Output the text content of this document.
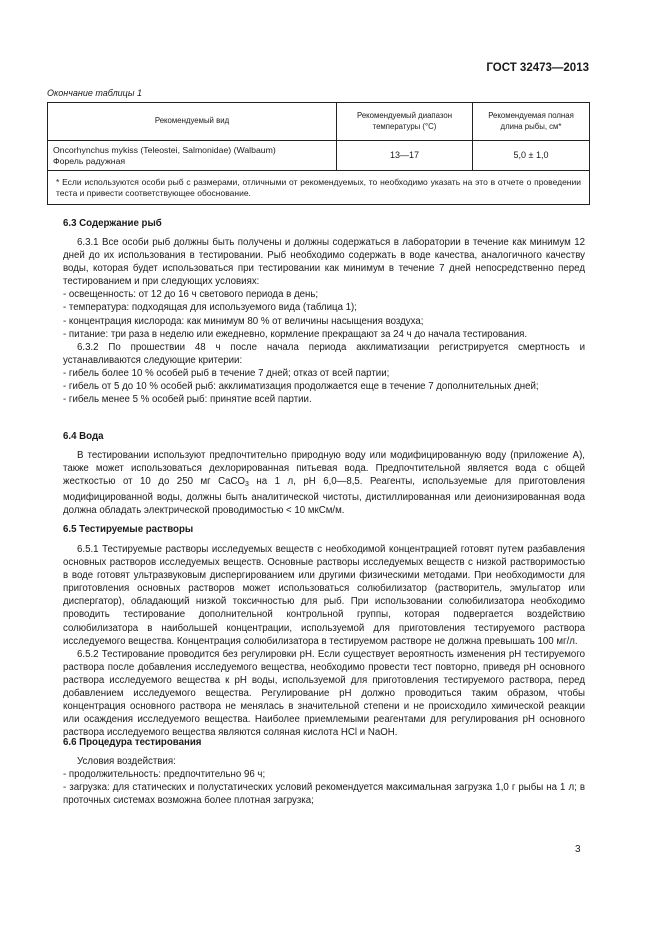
ГОСТ 32473—2013
Окончание таблицы 1
Рекомендуемый вид	Рекомендуемый диапазон температуры (°С)	Рекомендуемая полная длина рыбы, см*

Oncorhynchus mykiss (Teleostei, Salmonidae) (Walbaum)
Форель радужная	13—17	5,0 ± 1,0
* Если используются особи рыб с размерами, отличными от рекомендуемых, то необходимо указать на это в отчете о проведении теста и привести соответствующее обоснование.		
6.3 Содержание рыб

6.3.1 Все особи рыб должны быть получены и должны содержаться в лаборатории в течение как минимум 12 дней до их использования в тестировании. Рыб необходимо содержать в воде качества, аналогичного качеству воды, которая будет использоваться при тестировании как минимум в течение 7 дней непосредственно перед тестированием и при следующих условиях:

- освещенность: от 12 до 16 ч светового периода в день;

- температура: подходящая для используемого вида (таблица 1);

- концентрация кислорода: как минимум 80 % от величины насыщения воздуха;

- питание: три раза в неделю или ежедневно, кормление прекращают за 24 ч до начала тестирования.

6.3.2 По прошествии 48 ч после начала периода акклиматизации регистрируется смертность и устанавливаются следующие критерии:

- гибель более 10 % особей рыб в течение 7 дней; отказ от всей партии;

- гибель от 5 до 10 % особей рыб: акклиматизация продолжается еще в течение 7 дополнительных дней;

- гибель менее 5 % особей рыб: принятие всей партии.

6.4 Вода

В тестировании используют предпочтительно природную воду или модифицированную воду (приложение А), также может использоваться дехлорированная питьевая вода. Предпочтительной является вода с общей жесткостью от 10 до 250 мг CaCO$_3$ на 1 л, pH 6,0—8,5. Реагенты, используемые для приготовления модифицированной воды, должны быть аналитической чистоты, дистиллированная или деионизированная вода должна обладать электрической проводимостью < 10 мкСм/м.

6.5 Тестируемые растворы

6.5.1 Тестируемые растворы исследуемых веществ с необходимой концентрацией готовят путем разбавления основных растворов исследуемых веществ. Основные растворы исследуемых веществ с низкой растворимостью в воде готовят ультразвуковым диспергированием или другими физическими методами. При необходимости для приготовления основных растворов может использоваться солюбилизатор (растворитель, эмульгатор или диспергатор), обладающий низкой токсичностью для рыб. При использовании солюбилизатора необходимо проводить тестирование дополнительной контрольной группы, которая подвергается воздействию солюбилизатора в наибольшей концентрации, используемой для приготовления тестируемого раствора исследуемого вещества. Концентрация солюбилизатора в тестируемом растворе не должна превышать 100 мг/л.

6.5.2 Тестирование проводится без регулировки pH. Если существует вероятность изменения pH тестируемого раствора после добавления исследуемого вещества, необходимо провести тест повторно, приведя pH основного раствора исследуемого вещества к pH воды, используемой для приготовления тестируемого раствора, перед добавлением исследуемого вещества. Регулирование pH должно проводиться таким образом, чтобы концентрация основного раствора не менялась в значительной степени и не происходило химической реакции или осаждения исследуемого вещества. Наиболее приемлемыми реагентами для регулирования pH основного раствора исследуемого вещества являются соляная кислота HCl и NaOH.

6.6 Процедура тестирования

Условия воздействия:

- продолжительность: предпочтительно 96 ч;

- загрузка: для статических и полустатических условий рекомендуется максимальная загрузка 1,0 г рыбы на 1 л; в проточных системах возможна более плотная загрузка;

3
